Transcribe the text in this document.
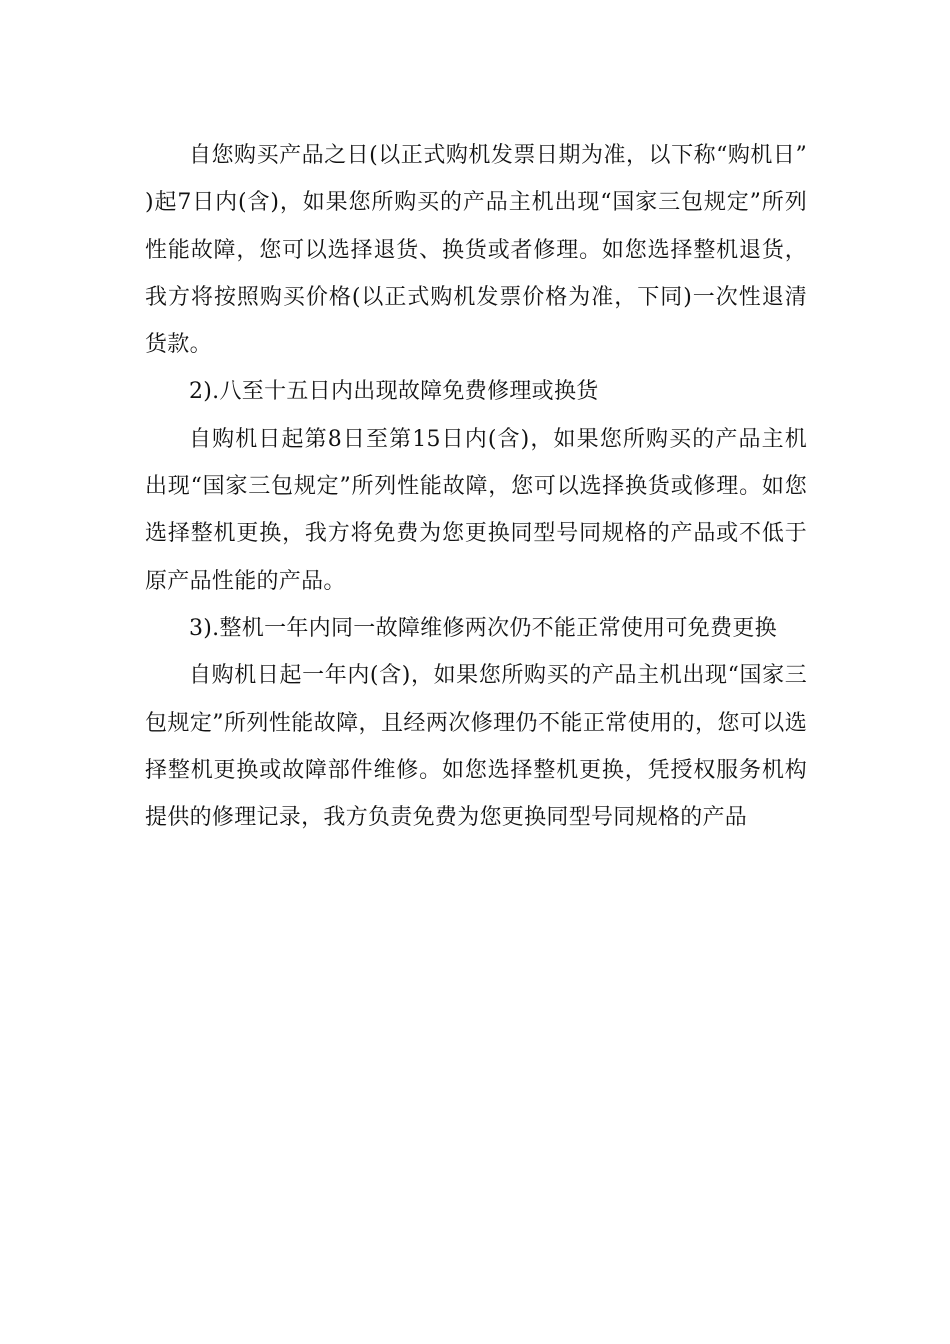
自您购买产品之日(以正式购机发票日期为准，以下称“购机日”)起7日内(含)，如果您所购买的产品主机出现“国家三包规定”所列性能故障，您可以选择退货、换货或者修理。如您选择整机退货，我方将按照购买价格(以正式购机发票价格为准，下同)一次性退清货款。

2).八至十五日内出现故障免费修理或换货

自购机日起第8日至第15日内(含)，如果您所购买的产品主机出现“国家三包规定”所列性能故障，您可以选择换货或修理。如您选择整机更换，我方将免费为您更换同型号同规格的产品或不低于原产品性能的产品。

3).整机一年内同一故障维修两次仍不能正常使用可免费更换

自购机日起一年内(含)，如果您所购买的产品主机出现“国家三包规定”所列性能故障，且经两次修理仍不能正常使用的，您可以选择整机更换或故障部件维修。如您选择整机更换，凭授权服务机构提供的修理记录，我方负责免费为您更换同型号同规格的产品
